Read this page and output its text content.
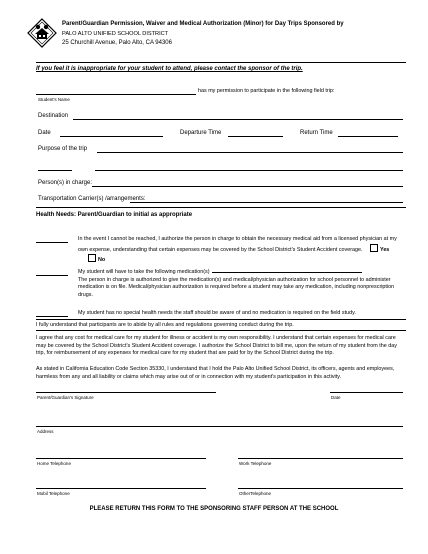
Parent/Guardian Permission, Waiver and Medical Authorization (Minor) for Day Trips Sponsored by
PALO ALTO UNIFIED SCHOOL DISTRICT
25 Churchill Avenue, Palo Alto, CA 94306
If you feel it is inappropriate for your student to attend, please contact the sponsor of the trip.
has my permission to participate in the following field trip:
Student's Name
Destination
Date	Departure Time	Return Time
Purpose of the trip
Person(s) in charge:
Transportation Carrier(s) /arrangements:
Health Needs: Parent/Guardian to initial as appropriate
In the event I cannot be reached, I authorize the person in charge to obtain the necessary medical aid from a licensed physician at my own expense, understanding that certain expenses may be covered by the School District's Student Accident coverage.	Yes No
My student will have to take the following medication(s)
The person in charge is authorized to give the medication(s) and medical/physician authorization for school personnel to administer medication is on file. Medical/physician authorization is required before a student may take any medication, including nonprescription drugs.
My student has no special health needs the staff should be aware of and no medication is required on the field study.
I fully understand that participants are to abide by all rules and regulations governing conduct during the trip.
I agree that any cost for medical care for my student for illness or accident is my own responsibility. I understand that certain expenses for medical care may be covered by the School District's Student Accident coverage. I authorize the School District to bill me, upon the return of my student from the day trip, for reimbursement of any expenses for medical care for my student that are paid for by the School District during the trip.
As stated in California Education Code Section 35330, I understand that I hold the Palo Alto Unified School District, its officers, agents and employees, harmless from any and all liability or claims which may arise out of or in connection with my student's participation in this activity.
Parent/Guardian's Signature	Date
Address
Home Telephone	Work Telephone
Mobil Telephone	OtherTelephone
PLEASE RETURN THIS FORM TO THE SPONSORING STAFF PERSON AT THE SCHOOL
